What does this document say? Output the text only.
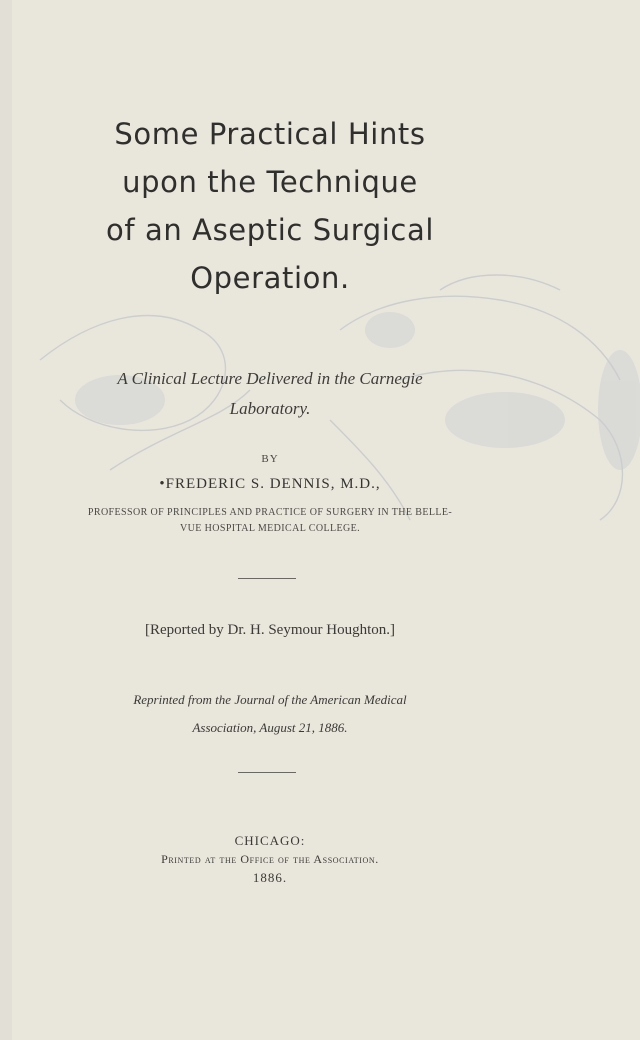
Some Practical Hints
upon the Technique
of an Aseptic Surgical
Operation.
A Clinical Lecture Delivered in the Carnegie
Laboratory.
BY
•FREDERIC S. DENNIS, M.D.,
PROFESSOR OF PRINCIPLES AND PRACTICE OF SURGERY IN THE BELLE-
VUE HOSPITAL MEDICAL COLLEGE.
[Reported by Dr. H. Seymour Houghton.]
Reprinted from the Journal of the American Medical
Association, August 21, 1886.
CHICAGO:
Printed at the Office of the Association.
1886.
